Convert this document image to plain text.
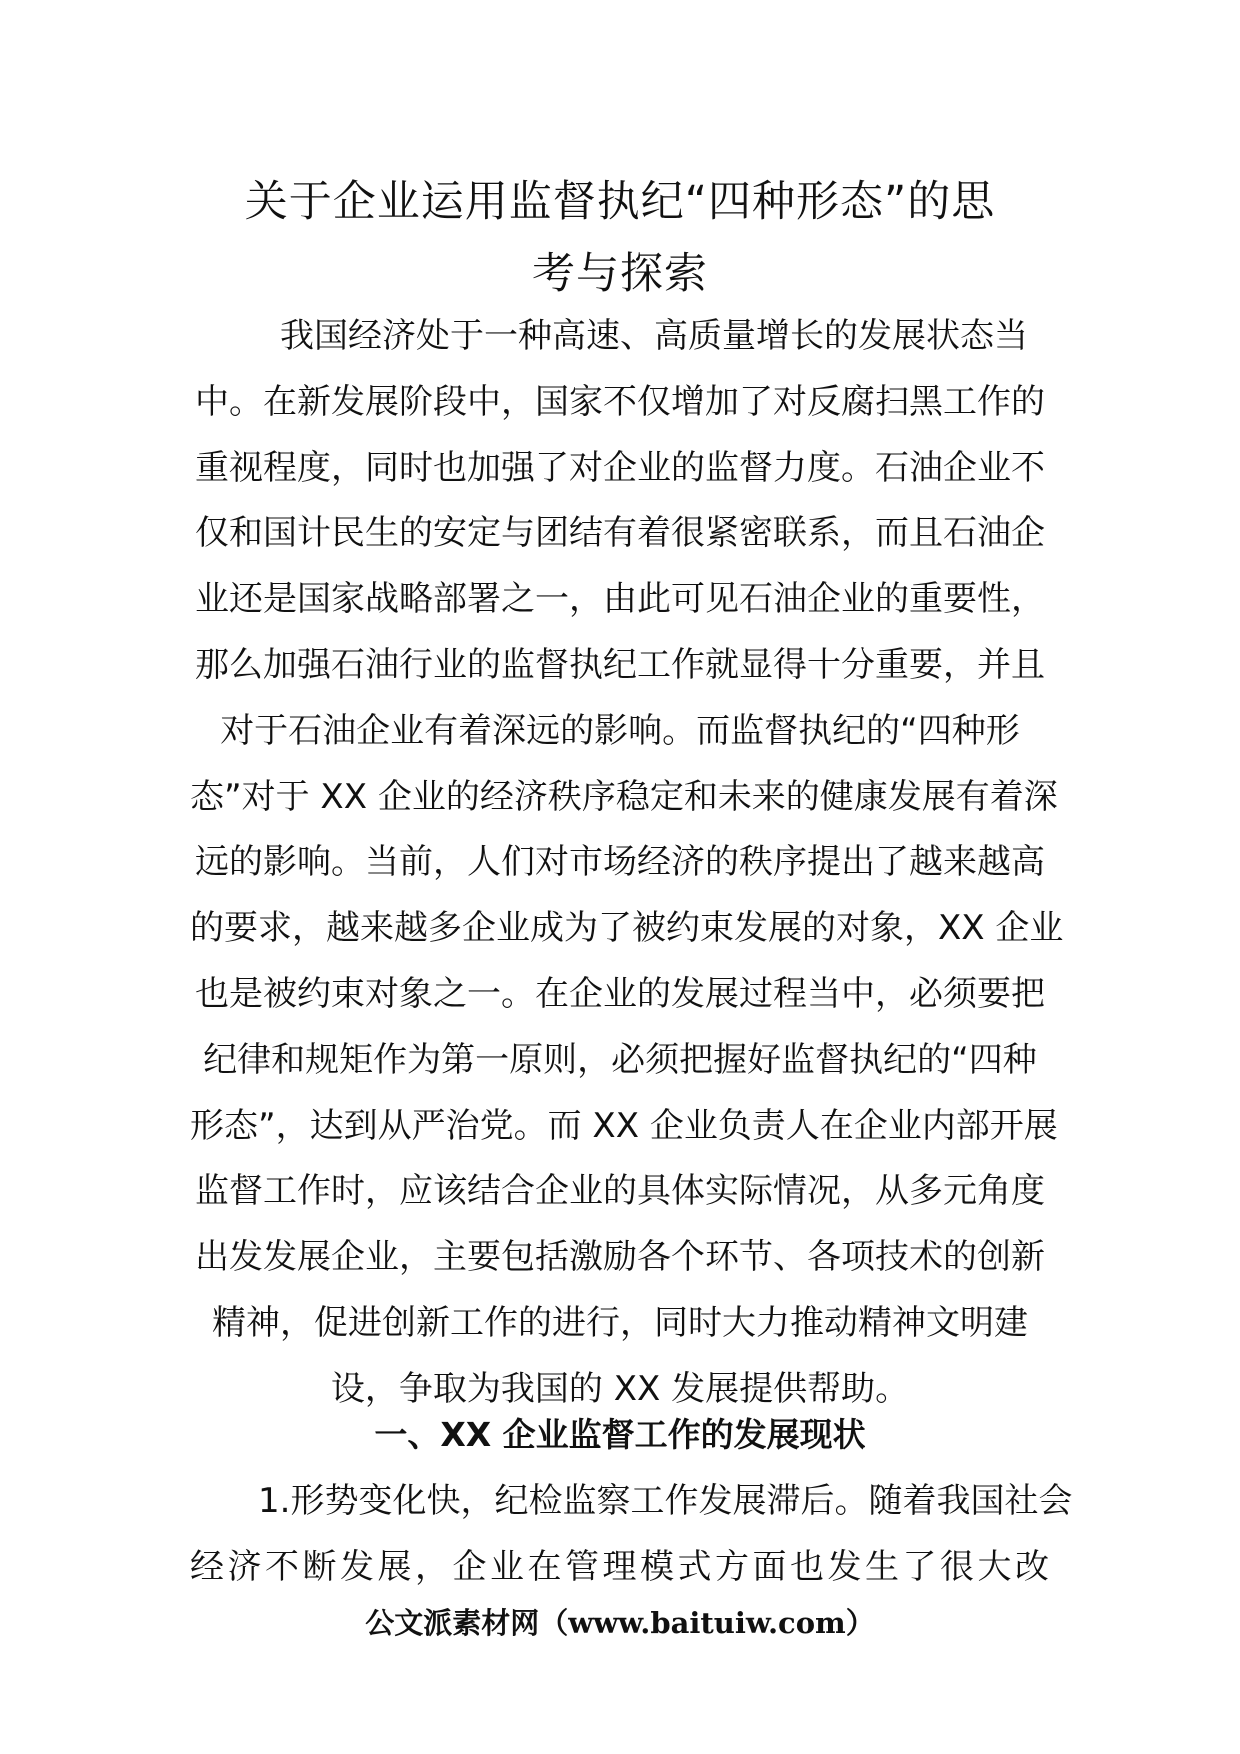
关于企业运用监督执纪“四种形态”的思
考与探索
　　我国经济处于一种高速、高质量增长的发展状态当
中。在新发展阶段中，国家不仅增加了对反腐扫黑工作的
重视程度，同时也加强了对企业的监督力度。石油企业不
仅和国计民生的安定与团结有着很紧密联系，而且石油企
业还是国家战略部署之一，由此可见石油企业的重要性，
那么加强石油行业的监督执纪工作就显得十分重要，并且
对于石油企业有着深远的影响。而监督执纪的“四种形
态”对于 XX 企业的经济秩序稳定和未来的健康发展有着深
远的影响。当前，人们对市场经济的秩序提出了越来越高
的要求，越来越多企业成为了被约束发展的对象，XX 企业
也是被约束对象之一。在企业的发展过程当中，必须要把
纪律和规矩作为第一原则，必须把握好监督执纪的“四种
形态”，达到从严治党。而 XX 企业负责人在企业内部开展
监督工作时，应该结合企业的具体实际情况，从多元角度
出发发展企业，主要包括激励各个环节、各项技术的创新
精神，促进创新工作的进行，同时大力推动精神文明建
设，争取为我国的 XX 发展提供帮助。
一、XX 企业监督工作的发展现状
1.形势变化快，纪检监察工作发展滞后。随着我国社会
经济不断发展，企业在管理模式方面也发生了很大改
公文派素材网（www.baituiw.com）
